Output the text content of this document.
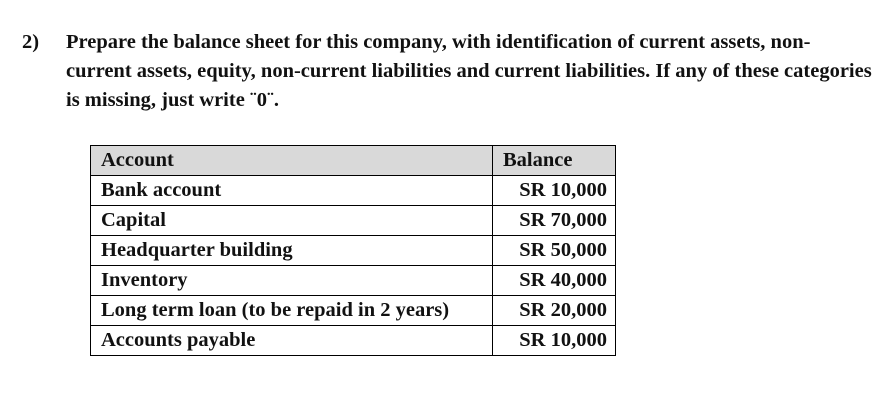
2)	Prepare the balance sheet for this company, with identification of current assets, non-current assets, equity, non-current liabilities and current liabilities. If any of these categories is missing, just write ¨0¨.

Account	Balance
Bank account	SR 10,000
Capital	SR 70,000
Headquarter building	SR 50,000
Inventory	SR 40,000
Long term loan (to be repaid in 2 years)	SR 20,000
Accounts payable	SR 10,000
